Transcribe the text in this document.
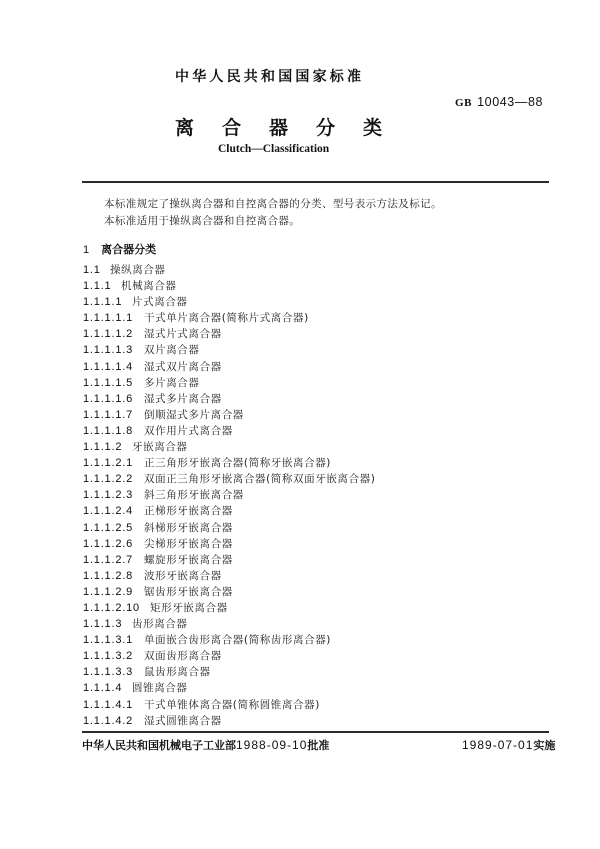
中华人民共和国国家标准
GB 10043—88
离合器分类
Clutch—Classification
本标准规定了操纵离合器和自控离合器的分类、型号表示方法及标记。
本标准适用于操纵离合器和自控离合器。
1 离合器分类
1.1 操纵离合器
1.1.1 机械离合器
1.1.1.1 片式离合器
1.1.1.1.1 干式单片离合器(简称片式离合器)
1.1.1.1.2 湿式片式离合器
1.1.1.1.3 双片离合器
1.1.1.1.4 湿式双片离合器
1.1.1.1.5 多片离合器
1.1.1.1.6 湿式多片离合器
1.1.1.1.7 倒顺湿式多片离合器
1.1.1.1.8 双作用片式离合器
1.1.1.2 牙嵌离合器
1.1.1.2.1 正三角形牙嵌离合器(简称牙嵌离合器)
1.1.1.2.2 双面正三角形牙嵌离合器(简称双面牙嵌离合器)
1.1.1.2.3 斜三角形牙嵌离合器
1.1.1.2.4 正梯形牙嵌离合器
1.1.1.2.5 斜梯形牙嵌离合器
1.1.1.2.6 尖梯形牙嵌离合器
1.1.1.2.7 螺旋形牙嵌离合器
1.1.1.2.8 波形牙嵌离合器
1.1.1.2.9 锯齿形牙嵌离合器
1.1.1.2.10 矩形牙嵌离合器
1.1.1.3 齿形离合器
1.1.1.3.1 单面嵌合齿形离合器(简称齿形离合器)
1.1.1.3.2 双面齿形离合器
1.1.1.3.3 鼠齿形离合器
1.1.1.4 圆锥离合器
1.1.1.4.1 干式单锥体离合器(简称圆锥离合器)
1.1.1.4.2 湿式圆锥离合器
中华人民共和国机械电子工业部1988-09-10批准	1989-07-01实施
